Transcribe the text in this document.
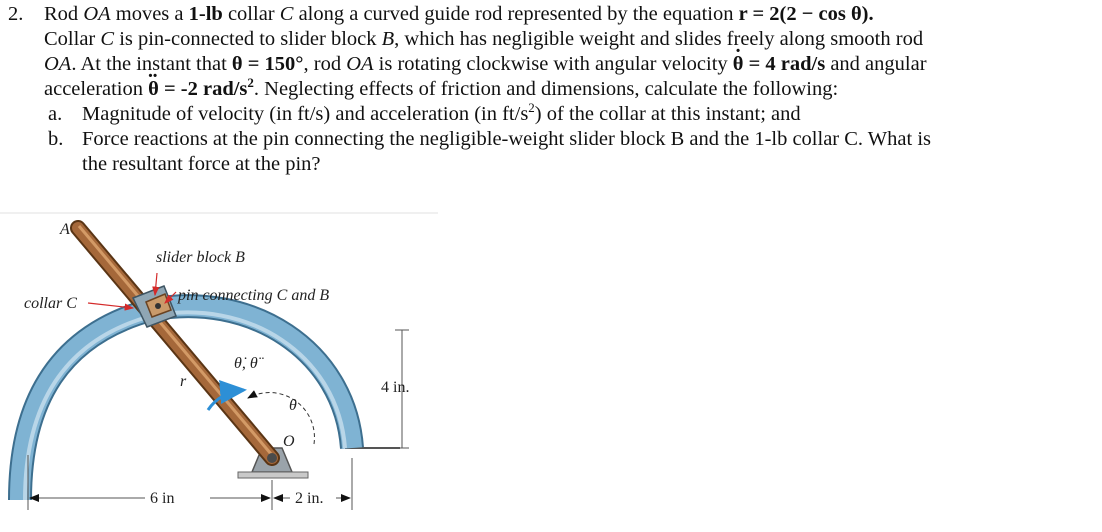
2. Rod OA moves a 1-lb collar C along a curved guide rod represented by the equation r = 2(2 − cos θ).
Collar C is pin-connected to slider block B, which has negligible weight and slides freely along smooth rod
OA. At the instant that θ = 150°, rod OA is rotating clockwise with angular velocity · θ = 4 rad/s and angular
acceleration ·· θ = -2 rad/$s^2$. Neglecting effects of friction and dimensions, calculate the following:
a. Magnitude of velocity (in ft/s) and acceleration (in $ft/s^2$) of the collar at this instant; and
b. Force reactions at the pin connecting the negligible-weight slider block B and the 1-lb collar C. What is
the resultant force at the pin?
A
slider block B
pin connecting C and B
collar C
r
θ̇, θ̈
θ
O
4 in.
6 in	2 in.
